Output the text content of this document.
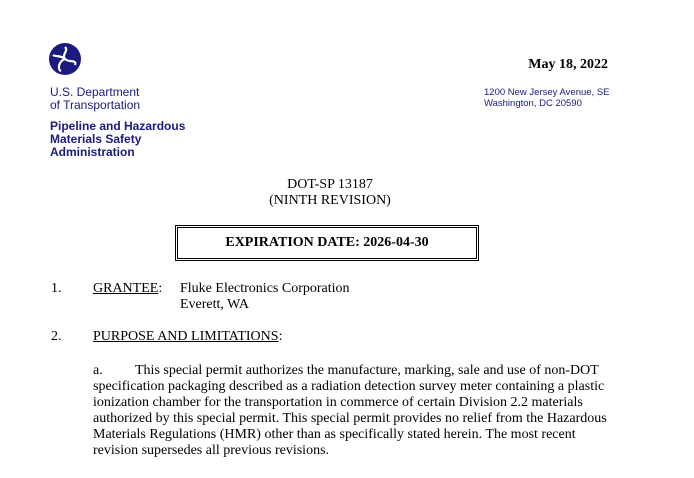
U.S. Department
of Transportation
Pipeline and Hazardous
Materials Safety
Administration
May 18, 2022
1200 New Jersey Avenue, SE
Washington, DC 20590
DOT-SP 13187
(NINTH REVISION)
EXPIRATION DATE: 2026-04-30
1. GRANTEE: Fluke Electronics Corporation
Everett, WA
2. PURPOSE AND LIMITATIONS:
a. This special permit authorizes the manufacture, marking, sale and use of non-DOT specification packaging described as a radiation detection survey meter containing a plastic ionization chamber for the transportation in commerce of certain Division 2.2 materials authorized by this special permit. This special permit provides no relief from the Hazardous Materials Regulations (HMR) other than as specifically stated herein. The most recent revision supersedes all previous revisions.
